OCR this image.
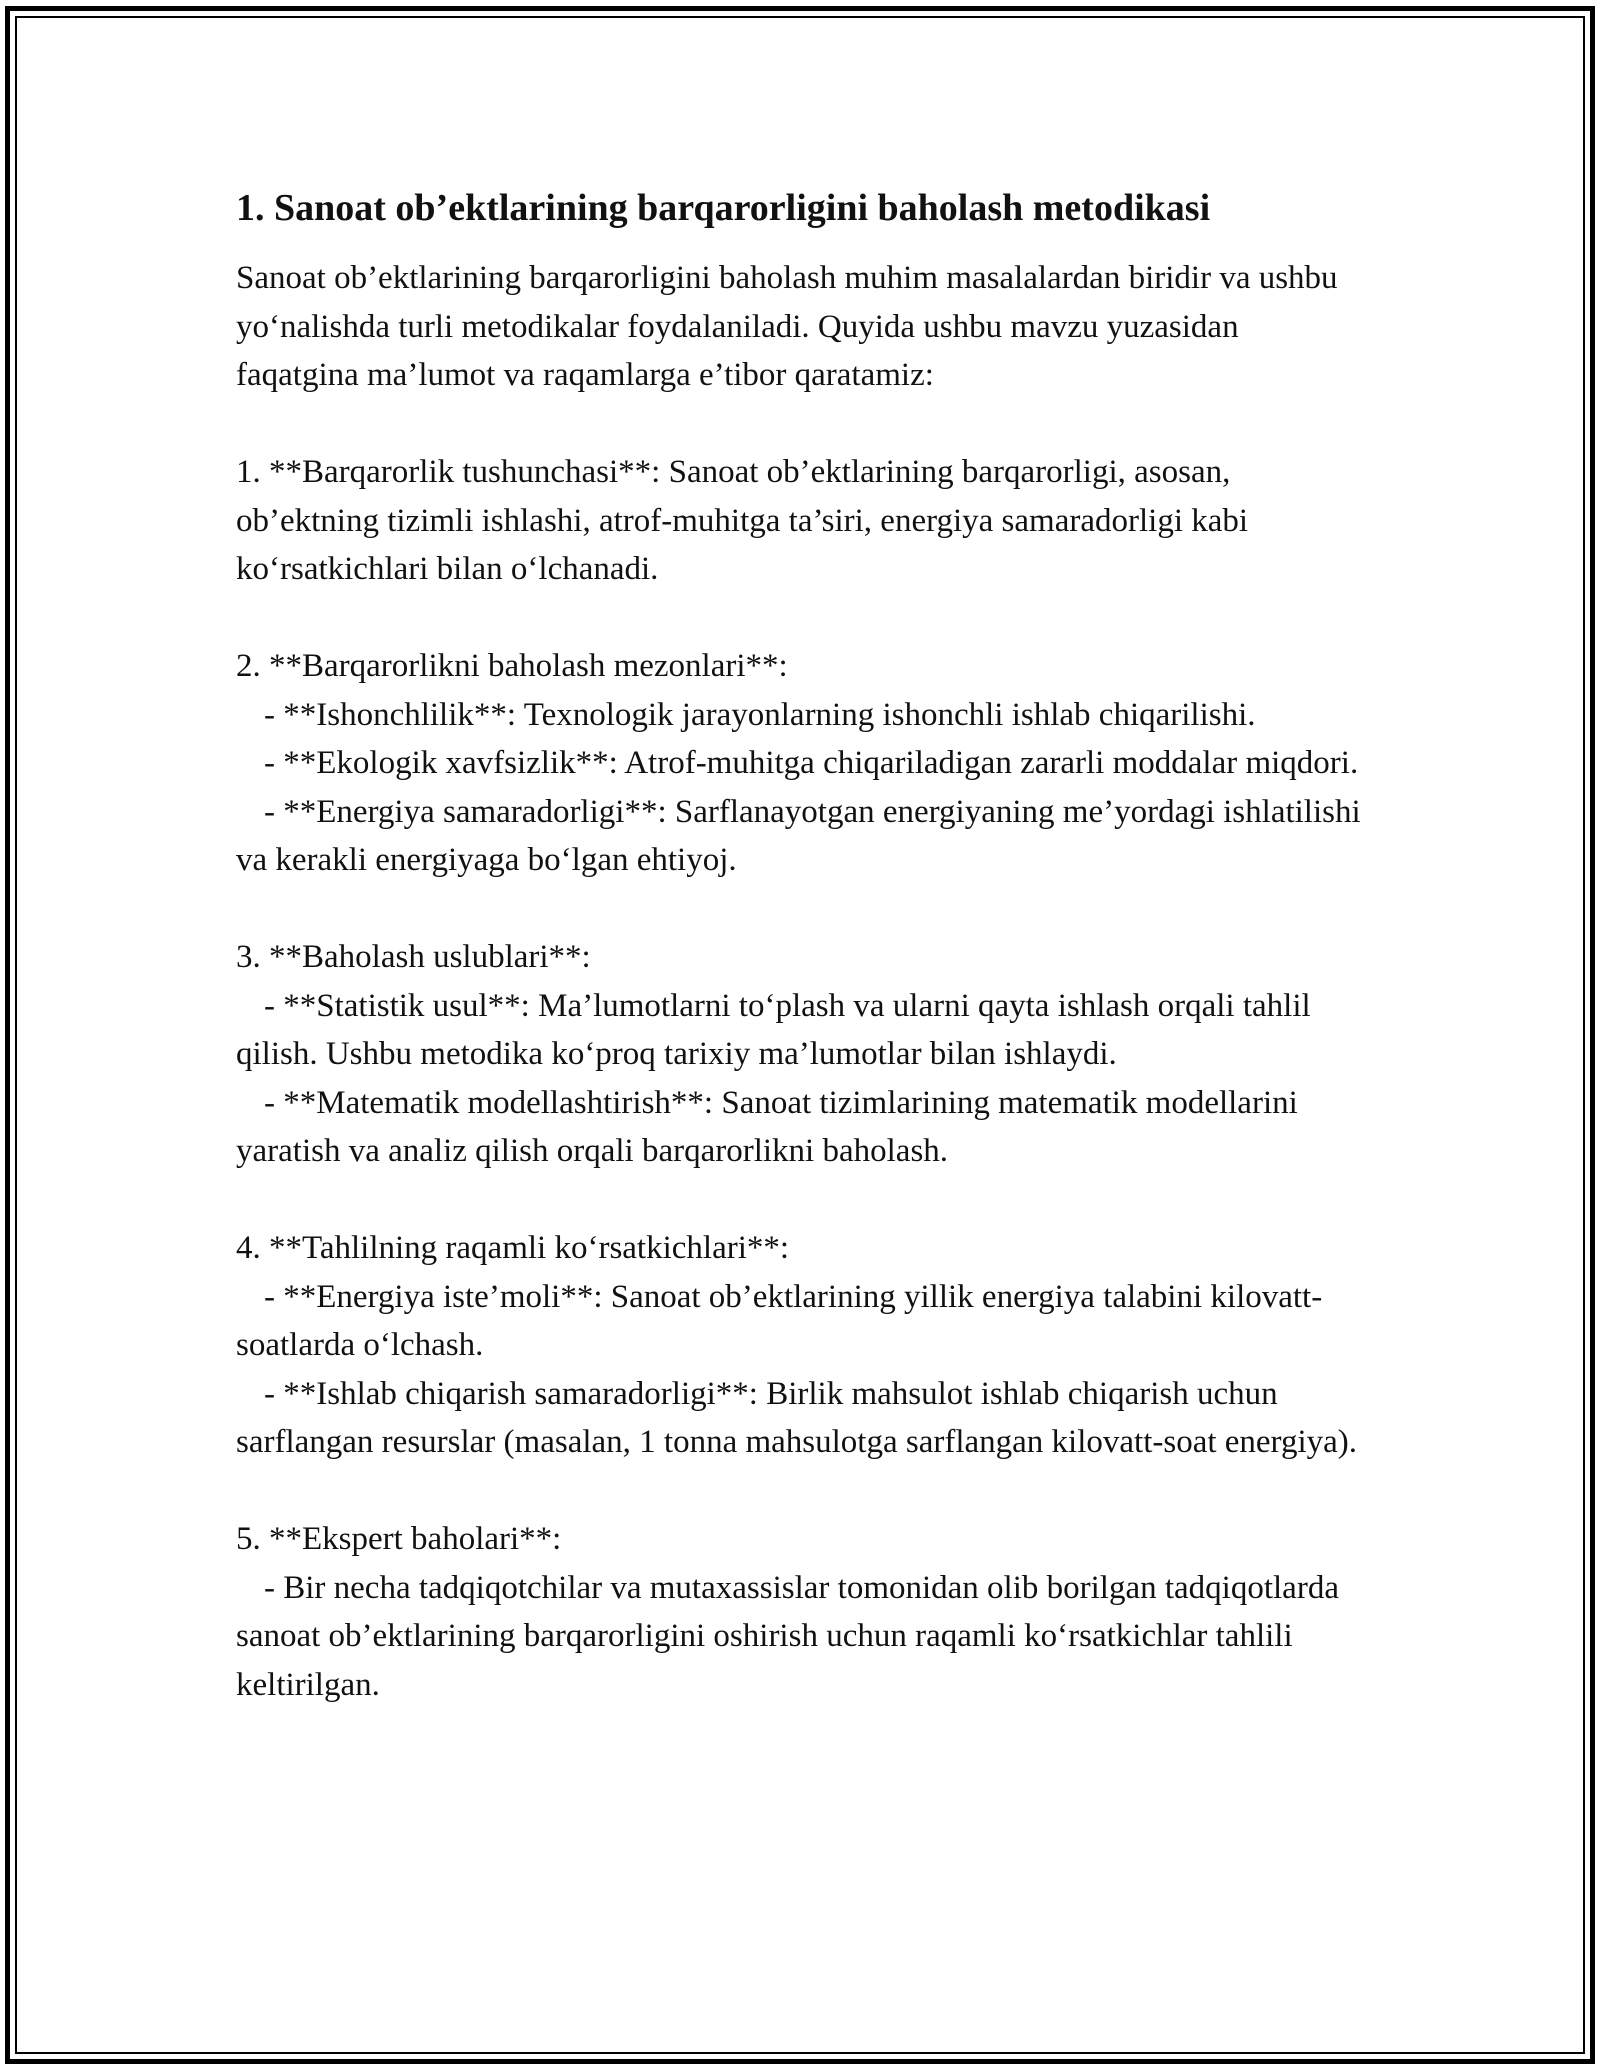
1. Sanoat ob’ektlarining barqarorligini baholash metodikasi

Sanoat ob’ektlarining barqarorligini baholash muhim masalalardan biridir va ushbu yo‘nalishda turli metodikalar foydalaniladi. Quyida ushbu mavzu yuzasidan faqatgina ma’lumot va raqamlarga e’tibor qaratamiz:

1. **Barqarorlik tushunchasi**: Sanoat ob’ektlarining barqarorligi, asosan, ob’ektning tizimli ishlashi, atrof-muhitga ta’siri, energiya samaradorligi kabi ko‘rsatkichlari bilan o‘lchanadi.

2. **Barqarorlikni baholash mezonlari**:

- **Ishonchlilik**: Texnologik jarayonlarning ishonchli ishlab chiqarilishi.

- **Ekologik xavfsizlik**: Atrof-muhitga chiqariladigan zararli moddalar miqdori.

- **Energiya samaradorligi**: Sarflanayotgan energiyaning me’yordagi ishlatilishi va kerakli energiyaga bo‘lgan ehtiyoj.

3. **Baholash uslublari**:

- **Statistik usul**: Ma’lumotlarni to‘plash va ularni qayta ishlash orqali tahlil qilish. Ushbu metodika ko‘proq tarixiy ma’lumotlar bilan ishlaydi.

- **Matematik modellashtirish**: Sanoat tizimlarining matematik modellarini yaratish va analiz qilish orqali barqarorlikni baholash.

4. **Tahlilning raqamli ko‘rsatkichlari**:

- **Energiya iste’moli**: Sanoat ob’ektlarining yillik energiya talabini kilovatt-soatlarda o‘lchash.

- **Ishlab chiqarish samaradorligi**: Birlik mahsulot ishlab chiqarish uchun sarflangan resurslar (masalan, 1 tonna mahsulotga sarflangan kilovatt-soat energiya).

5. **Ekspert baholari**:

- Bir necha tadqiqotchilar va mutaxassislar tomonidan olib borilgan tadqiqotlarda sanoat ob’ektlarining barqarorligini oshirish uchun raqamli ko‘rsatkichlar tahlili keltirilgan.
